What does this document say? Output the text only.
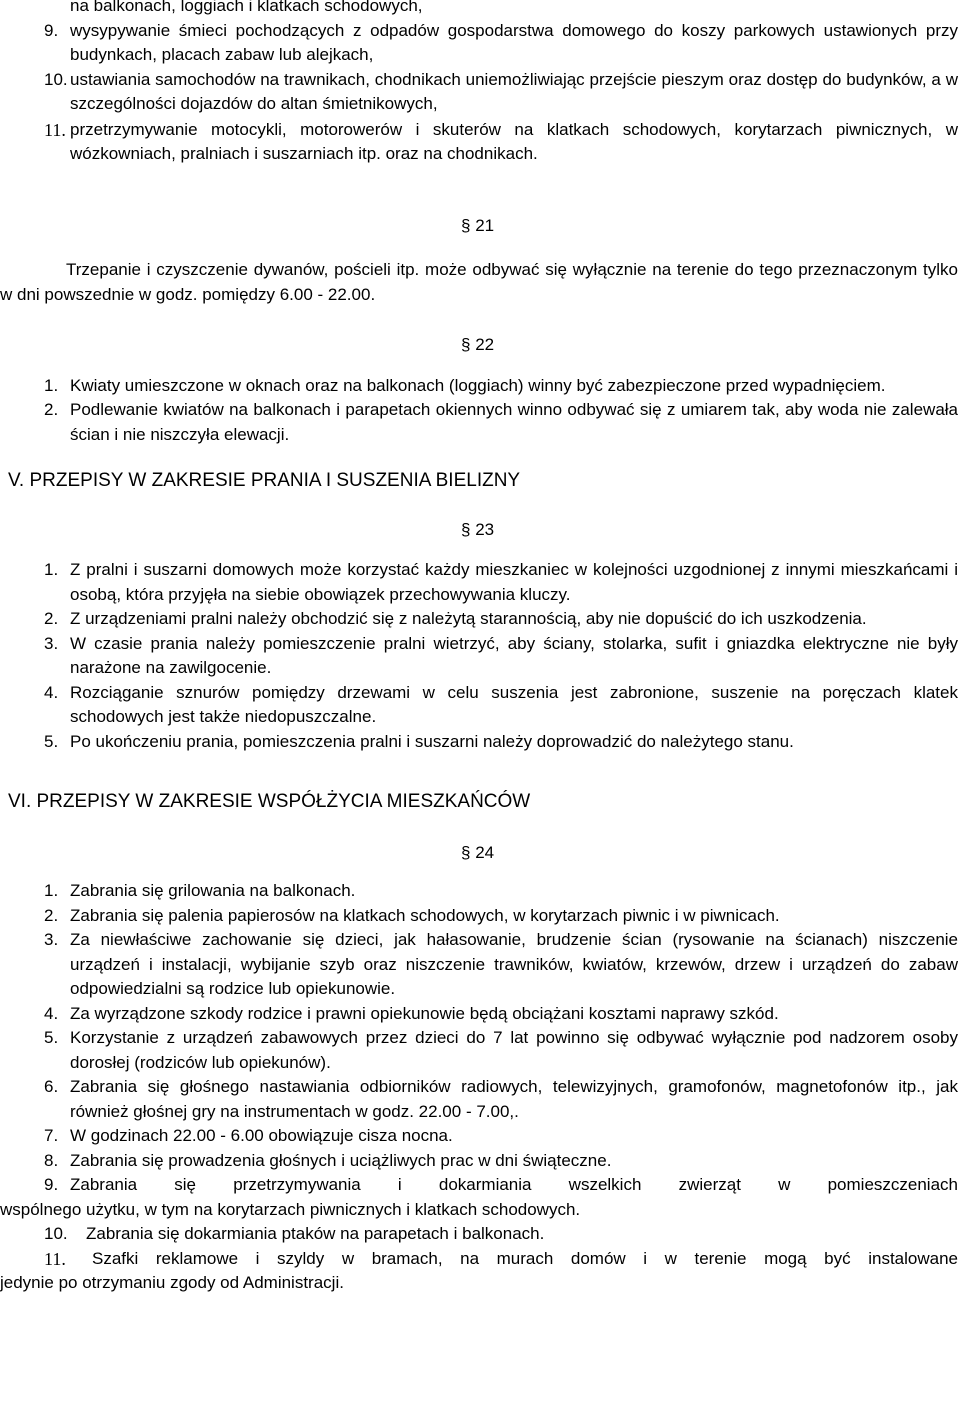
na balkonach, loggiach i klatkach schodowych,
9. wysypywanie śmieci pochodzących z odpadów gospodarstwa domowego do koszy parkowych ustawionych przy budynkach, placach zabaw lub alejkach,
10. ustawiania samochodów na trawnikach, chodnikach uniemożliwiając przejście pieszym oraz dostęp do budynków, a w szczególności dojazdów do altan śmietnikowych,
11. przetrzymywanie motocykli, motorowerów i skuterów na klatkach schodowych, korytarzach piwnicznych, w wózkowniach, pralniach i suszarniach itp. oraz na chodnikach.
§ 21
Trzepanie i czyszczenie dywanów, pościeli itp. może odbywać się wyłącznie na terenie do tego przeznaczonym tylko w dni powszednie w godz. pomiędzy 6.00 - 22.00.
§ 22
1. Kwiaty umieszczone w oknach oraz na balkonach (loggiach) winny być zabezpieczone przed wypadnięciem.
2. Podlewanie kwiatów na balkonach i parapetach okiennych winno odbywać się z umiarem tak, aby woda nie zalewała ścian i nie niszczyła elewacji.
V. PRZEPISY W ZAKRESIE PRANIA I SUSZENIA BIELIZNY
§ 23
1. Z pralni i suszarni domowych może korzystać każdy mieszkaniec w kolejności uzgodnionej z innymi mieszkańcami i osobą, która przyjęła na siebie obowiązek przechowywania kluczy.
2. Z urządzeniami pralni należy obchodzić się z należytą starannością, aby nie dopuścić do ich uszkodzenia.
3. W czasie prania należy pomieszczenie pralni wietrzyć, aby ściany, stolarka, sufit i gniazdka elektryczne nie były narażone na zawilgocenie.
4. Rozciąganie sznurów pomiędzy drzewami w celu suszenia jest zabronione, suszenie na poręczach klatek schodowych jest także niedopuszczalne.
5. Po ukończeniu prania, pomieszczenia pralni i suszarni należy doprowadzić do należytego stanu.
VI. PRZEPISY W ZAKRESIE WSPÓŁŻYCIA MIESZKAŃCÓW
§ 24
1. Zabrania się grilowania na balkonach.
2. Zabrania się palenia papierosów na klatkach schodowych, w korytarzach piwnic i w piwnicach.
3. Za niewłaściwe zachowanie się dzieci, jak hałasowanie, brudzenie ścian (rysowanie na ścianach) niszczenie urządzeń i instalacji, wybijanie szyb oraz niszczenie trawników, kwiatów, krzewów, drzew i urządzeń do zabaw odpowiedzialni są rodzice lub opiekunowie.
4. Za wyrządzone szkody rodzice i prawni opiekunowie będą obciążani kosztami naprawy szkód.
5. Korzystanie z urządzeń zabawowych przez dzieci do 7 lat powinno się odbywać wyłącznie pod nadzorem osoby dorosłej (rodziców lub opiekunów).
6. Zabrania się głośnego nastawiania odbiorników radiowych, telewizyjnych, gramofonów, magnetofonów itp., jak również głośnej gry na instrumentach w godz. 22.00 - 7.00,.
7. W godzinach 22.00 - 6.00 obowiązuje cisza nocna.
8. Zabrania się prowadzenia głośnych i uciążliwych prac w dni świąteczne.
9. Zabrania się przetrzymywania i dokarmiania wszelkich zwierząt w pomieszczeniach
wspólnego użytku, w tym na korytarzach piwnicznych i klatkach schodowych.
10. Zabrania się dokarmiania ptaków na parapetach i balkonach.
11. Szafki reklamowe i szyldy w bramach, na murach domów i w terenie mogą być instalowane
jedynie po otrzymaniu zgody od Administracji.
